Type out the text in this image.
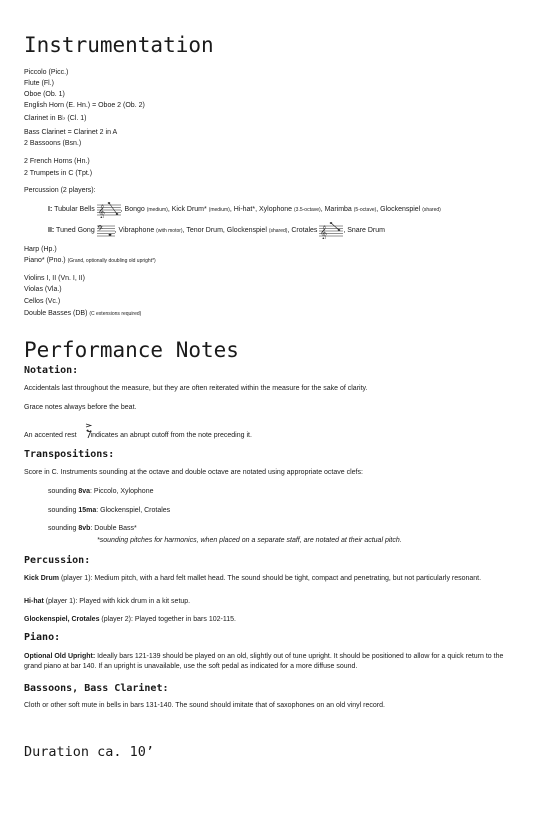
Instrumentation
Piccolo (Picc.)
Flute (Fl.)
Oboe (Ob. 1)
English Horn (E. Hn.) = Oboe 2 (Ob. 2)
Clarinet in B♭ (Cl. 1)
Bass Clarinet = Clarinet 2 in A
2 Bassoons (Bsn.)
2 French Horns (Hn.)
2 Trumpets in C (Tpt.)
Percussion (2 players):
I: Tubular Bells 𝄞 , Bongo (medium), Kick Drum* (medium), Hi-hat*, Xylophone (3.5-octave), Marimba (5-octave), Glockenspiel (shared)
II: Tuned Gong 𝄢 , Vibraphone (with motor), Tenor Drum, Glockenspiel (shared), Crotales 𝄞 , Snare Drum
Harp (Hp.)
Piano* (Pno.) (Grand, optionally doubling old upright*)
Violins I, II (Vn. I, II)
Violas (Vla.)
Cellos (Vc.)
Double Basses (DB) (C extensions required)
Performance Notes
Notation:
Accidentals last throughout the measure, but they are often reiterated within the measure for the sake of clarity.
Grace notes always before the beat.
An accented rest indicates an abrupt cutoff from the note preceding it.
Transpositions:
Score in C. Instruments sounding at the octave and double octave are notated using appropriate octave clefs:
sounding 8va: Piccolo, Xylophone
sounding 15ma: Glockenspiel, Crotales
sounding 8vb: Double Bass*
*sounding pitches for harmonics, when placed on a separate staff, are notated at their actual pitch.
Percussion:
Kick Drum (player 1): Medium pitch, with a hard felt mallet head. The sound should be tight, compact and penetrating, but not particularly resonant.
Hi-hat (player 1): Played with kick drum in a kit setup.
Glockenspiel, Crotales (player 2): Played together in bars 102-115.
Piano:
Optional Old Upright: Ideally bars 121-139 should be played on an old, slightly out of tune upright. It should be positioned to allow for a quick return to the grand piano at bar 140. If an upright is unavailable, use the soft pedal as indicated for a more diffuse sound.
Bassoons, Bass Clarinet:
Cloth or other soft mute in bells in bars 131-140. The sound should imitate that of saxophones on an old vinyl record.
Duration ca. 10’
